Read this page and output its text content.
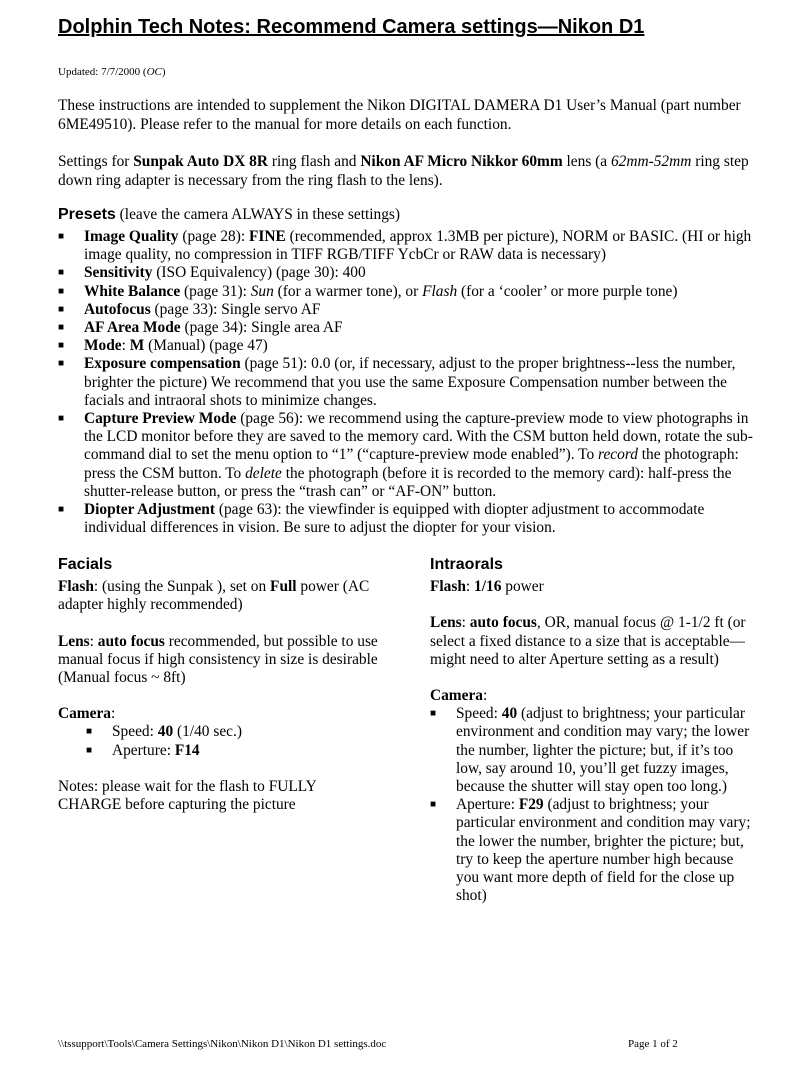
Dolphin Tech Notes: Recommend Camera settings—Nikon D1
Updated: 7/7/2000 (OC)
These instructions are intended to supplement the Nikon DIGITAL DAMERA D1 User’s Manual (part number 6ME49510). Please refer to the manual for more details on each function.
Settings for Sunpak Auto DX 8R ring flash and Nikon AF Micro Nikkor 60mm lens (a 62mm-52mm ring step down ring adapter is necessary from the ring flash to the lens).
Presets (leave the camera ALWAYS in these settings)
■ Image Quality (page 28): FINE (recommended, approx 1.3MB per picture), NORM or BASIC. (HI or high image quality, no compression in TIFF RGB/TIFF YcbCr or RAW data is necessary)
■ Sensitivity (ISO Equivalency) (page 30): 400
■ White Balance (page 31): Sun (for a warmer tone), or Flash (for a ‘cooler’ or more purple tone)
■ Autofocus (page 33): Single servo AF
■ AF Area Mode (page 34): Single area AF
■ Mode: M (Manual) (page 47)
■ Exposure compensation (page 51): 0.0 (or, if necessary, adjust to the proper brightness--less the number, brighter the picture) We recommend that you use the same Exposure Compensation number between the facials and intraoral shots to minimize changes.
■ Capture Preview Mode (page 56): we recommend using the capture-preview mode to view photographs in the LCD monitor before they are saved to the memory card. With the CSM button held down, rotate the sub-command dial to set the menu option to “1” (“capture-preview mode enabled”). To record the photograph: press the CSM button. To delete the photograph (before it is recorded to the memory card): half-press the shutter-release button, or press the “trash can” or “AF-ON” button.
■ Diopter Adjustment (page 63): the viewfinder is equipped with diopter adjustment to accommodate individual differences in vision. Be sure to adjust the diopter for your vision.
Facials

Flash: (using the Sunpak ), set on Full power (AC adapter highly recommended)

Lens: auto focus recommended, but possible to use manual focus if high consistency in size is desirable (Manual focus ~ 8ft)

Camera:

■ Speed: 40 (1/40 sec.)
■ Aperture: F14

Notes: please wait for the flash to FULLY CHARGE before capturing the picture

Intraorals

Flash: 1/16 power

Lens: auto focus, OR, manual focus @ 1-1/2 ft (or select a fixed distance to a size that is acceptable—might need to alter Aperture setting as a result)

Camera:

■ Speed: 40 (adjust to brightness; your particular environment and condition may vary; the lower the number, lighter the picture; but, if it’s too low, say around 10, you’ll get fuzzy images, because the shutter will stay open too long.)
■ Aperture: F29 (adjust to brightness; your particular environment and condition may vary; the lower the number, brighter the picture; but, try to keep the aperture number high because you want more depth of field for the close up shot)
\\tssupport\Tools\Camera Settings\Nikon\Nikon D1\Nikon D1 settings.doc	Page 1 of 2
